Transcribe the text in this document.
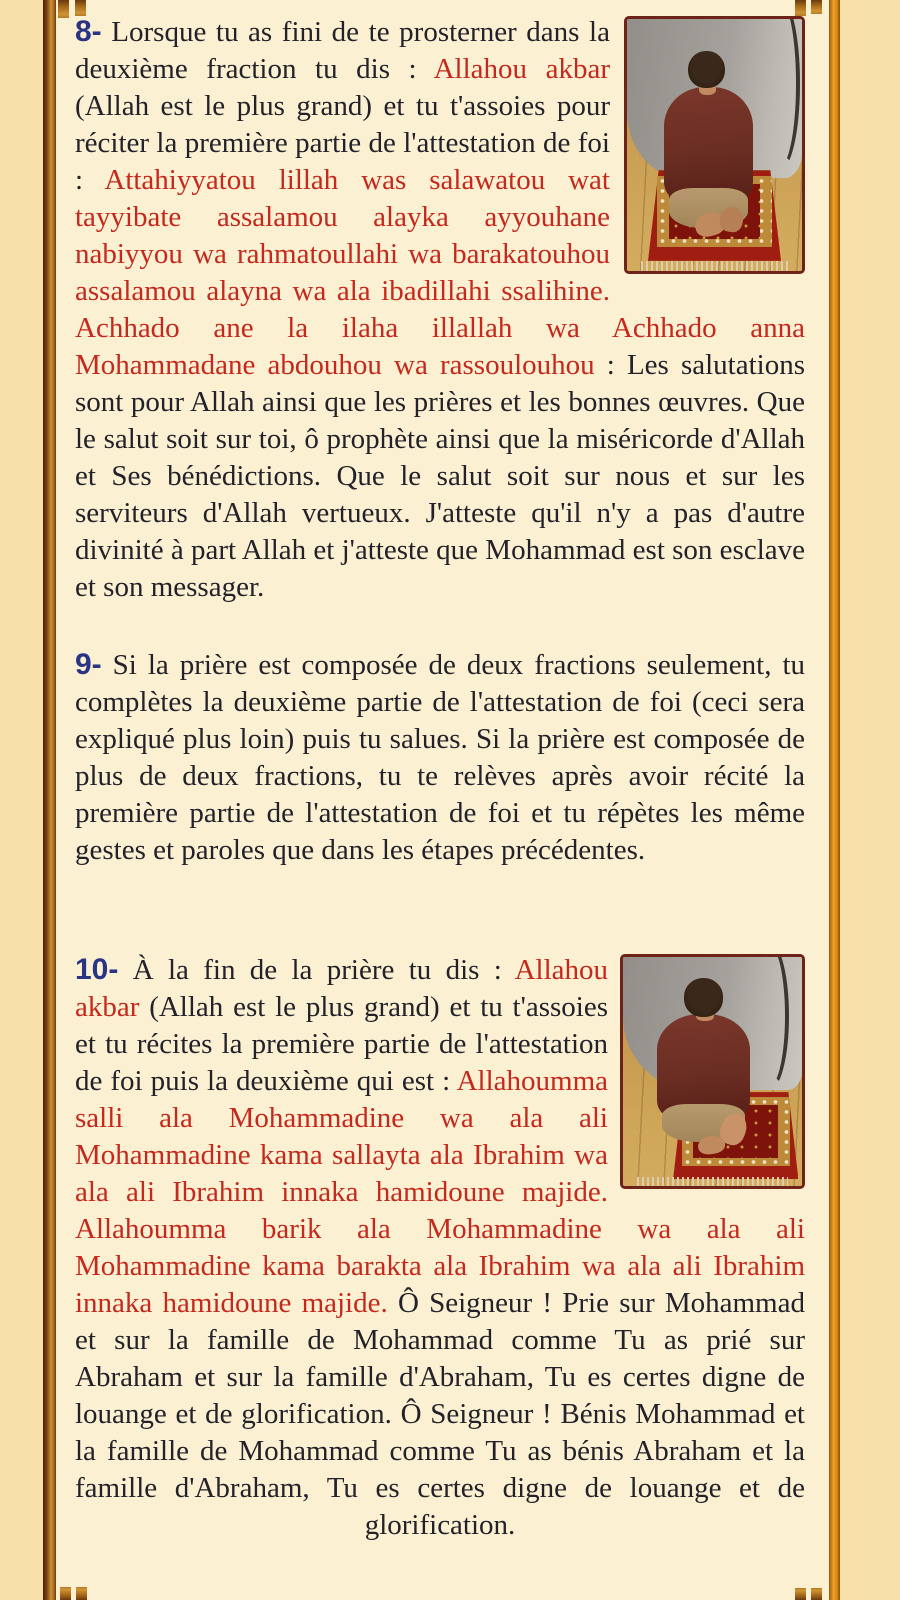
8- Lorsque tu as fini de te prosterner dans la deuxième fraction tu dis : Allahou akbar (Allah est le plus grand) et tu t'assoies pour réciter la première partie de l'attestation de foi : Attahiyyatou lillah was salawatou wat tayyibate assalamou alayka ayyouhane nabiyyou wa rahmatoullahi wa barakatouhou assalamou alayna wa ala ibadillahi ssalihine. Achhado ane la ilaha illallah wa Achhado anna Mohammadane abdouhou wa rassoulouhou : Les salutations sont pour Allah ainsi que les prières et les bonnes œuvres. Que le salut soit sur toi, ô prophète ainsi que la miséricorde d'Allah et Ses bénédictions. Que le salut soit sur nous et sur les serviteurs d'Allah vertueux. J'atteste qu'il n'y a pas d'autre divinité à part Allah et j'atteste que Mohammad est son esclave et son messager.

9- Si la prière est composée de deux fractions seulement, tu complètes la deuxième partie de l'attestation de foi (ceci sera expliqué plus loin) puis tu salues. Si la prière est composée de plus de deux fractions, tu te relèves après avoir récité la première partie de l'attestation de foi et tu répètes les même gestes et paroles que dans les étapes précédentes.

10- À la fin de la prière tu dis : Allahou akbar (Allah est le plus grand) et tu t'assoies et tu récites la première partie de l'attestation de foi puis la deuxième qui est : Allahoumma salli ala Mohammadine wa ala ali Mohammadine kama sallayta ala Ibrahim wa ala ali Ibrahim innaka hamidoune majide. Allahoumma barik ala Mohammadine wa ala ali Mohammadine kama barakta ala Ibrahim wa ala ali Ibrahim innaka hamidoune majide. Ô Seigneur ! Prie sur Mohammad et sur la famille de Mohammad comme Tu as prié sur Abraham et sur la famille d'Abraham, Tu es certes digne de louange et de glorification. Ô Seigneur ! Bénis Mohammad et la famille de Mohammad comme Tu as bénis Abraham et la famille d'Abraham, Tu es certes digne de louange et de glorification.
